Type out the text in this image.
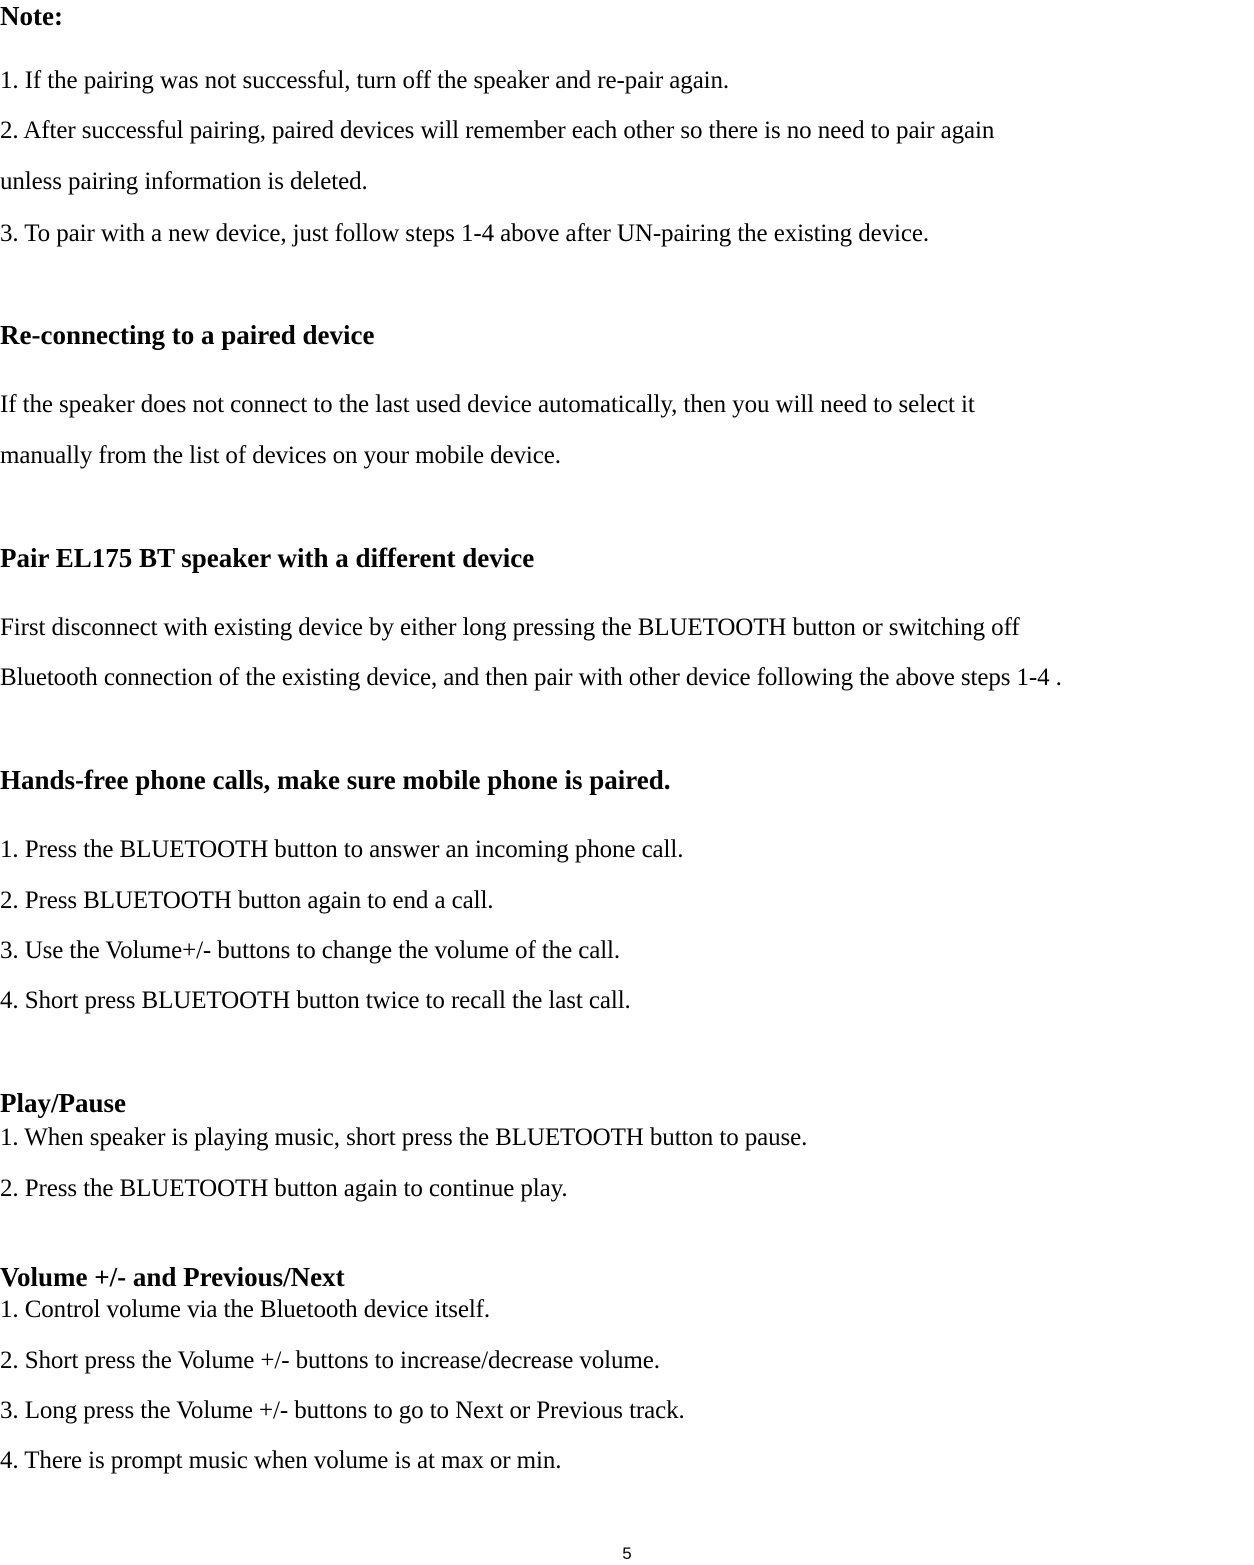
Note:
1. If the pairing was not successful, turn off the speaker and re-pair again.
2. After successful pairing, paired devices will remember each other so there is no need to pair again
unless pairing information is deleted.
3. To pair with a new device, just follow steps 1-4 above after UN-pairing the existing device.
Re-connecting to a paired device
If the speaker does not connect to the last used device automatically, then you will need to select it
manually from the list of devices on your mobile device.
Pair EL175 BT speaker with a different device
First disconnect with existing device by either long pressing the BLUETOOTH button or switching off
Bluetooth connection of the existing device, and then pair with other device following the above steps 1-4 .
Hands-free phone calls, make sure mobile phone is paired.
1. Press the BLUETOOTH button to answer an incoming phone call.
2. Press BLUETOOTH button again to end a call.
3. Use the Volume+/- buttons to change the volume of the call.
4. Short press BLUETOOTH button twice to recall the last call.
Play/Pause
1. When speaker is playing music, short press the BLUETOOTH button to pause.
2. Press the BLUETOOTH button again to continue play.
Volume +/- and Previous/Next
1. Control volume via the Bluetooth device itself.
2. Short press the Volume +/- buttons to increase/decrease volume.
3. Long press the Volume +/- buttons to go to Next or Previous track.
4. There is prompt music when volume is at max or min.
5
